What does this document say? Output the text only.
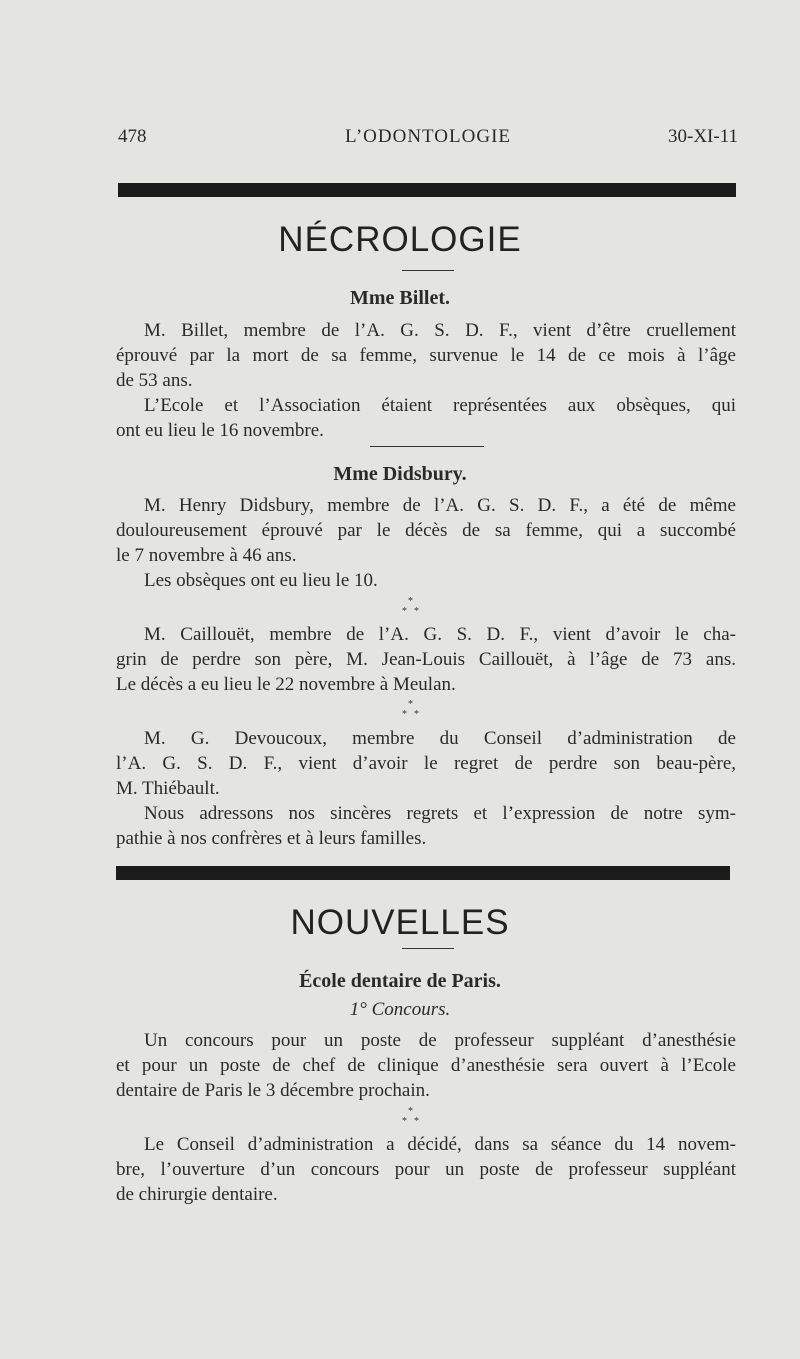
478	L’ODONTOLOGIE	30-XI-11
NÉCROLOGIE
Mme Billet.
M. Billet, membre de l’A. G. S. D. F., vient d’être cruellement
éprouvé par la mort de sa femme, survenue le 14 de ce mois à l’âge
de 53 ans.
L’Ecole et l’Association étaient représentées aux obsèques, qui
ont eu lieu le 16 novembre.
Mme Didsbury.
M. Henry Didsbury, membre de l’A. G. S. D. F., a été de même
douloureusement éprouvé par le décès de sa femme, qui a succombé
le 7 novembre à 46 ans.
Les obsèques ont eu lieu le 10.
*
* *
M. Caillouët, membre de l’A. G. S. D. F., vient d’avoir le cha-
grin de perdre son père, M. Jean-Louis Caillouët, à l’âge de 73 ans.
Le décès a eu lieu le 22 novembre à Meulan.
*
* *
M. G. Devoucoux, membre du Conseil d’administration de
l’A. G. S. D. F., vient d’avoir le regret de perdre son beau-père,
M. Thiébault.
Nous adressons nos sincères regrets et l’expression de notre sym-
pathie à nos confrères et à leurs familles.
NOUVELLES
École dentaire de Paris.
1° Concours.
Un concours pour un poste de professeur suppléant d’anesthésie
et pour un poste de chef de clinique d’anesthésie sera ouvert à l’Ecole
dentaire de Paris le 3 décembre prochain.
*
* *
Le Conseil d’administration a décidé, dans sa séance du 14 novem-
bre, l’ouverture d’un concours pour un poste de professeur suppléant
de chirurgie dentaire.
